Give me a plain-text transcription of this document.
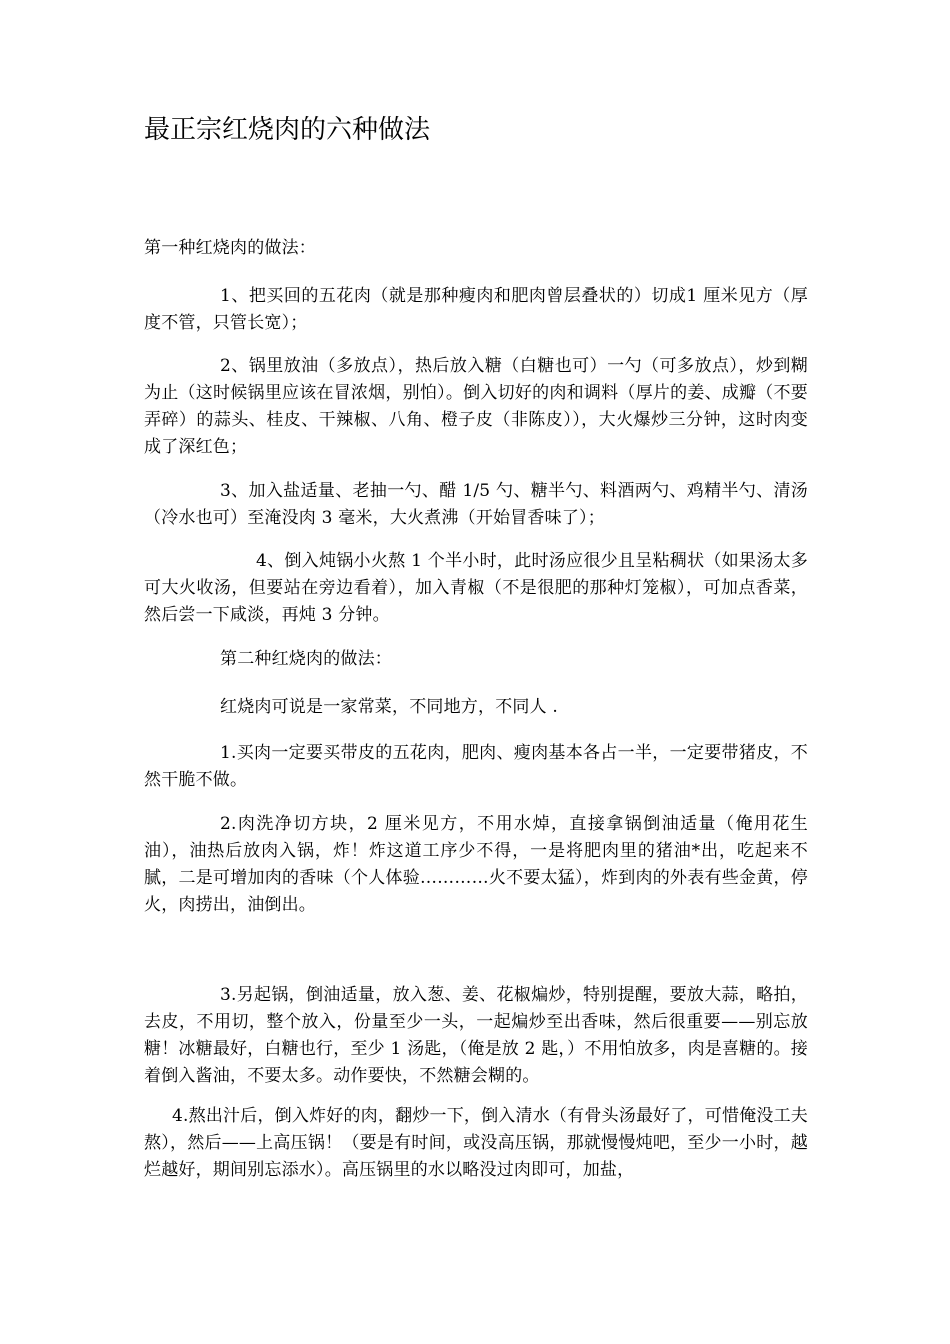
最正宗红烧肉的六种做法

第一种红烧肉的做法：

1、把买回的五花肉（就是那种瘦肉和肥肉曾层叠状的）切成1 厘米见方（厚度不管，只管长宽）；

2、锅里放油（多放点），热后放入糖（白糖也可）一勺（可多放点），炒到糊为止（这时候锅里应该在冒浓烟，别怕）。倒入切好的肉和调料（厚片的姜、成瓣（不要弄碎）的蒜头、桂皮、干辣椒、八角、橙子皮（非陈皮）），大火爆炒三分钟，这时肉变成了深红色；

3、加入盐适量、老抽一勺、醋 1/5 勺、糖半勺、料酒两勺、鸡精半勺、清汤（冷水也可）至淹没肉 3 毫米，大火煮沸（开始冒香味了）；

4、倒入炖锅小火熬 1 个半小时，此时汤应很少且呈粘稠状（如果汤太多可大火收汤，但要站在旁边看着），加入青椒（不是很肥的那种灯笼椒），可加点香菜，然后尝一下咸淡，再炖 3 分钟。

第二种红烧肉的做法：

红烧肉可说是一家常菜，不同地方，不同人 .

1.买肉一定要买带皮的五花肉，肥肉、瘦肉基本各占一半，一定要带猪皮，不然干脆不做。

2.肉洗净切方块，2 厘米见方，不用水焯，直接拿锅倒油适量（俺用花生油），油热后放肉入锅，炸！炸这道工序少不得，一是将肥肉里的猪油*出，吃起来不腻，二是可增加肉的香味（个人体验…………火不要太猛），炸到肉的外表有些金黄，停火，肉捞出，油倒出。

3.另起锅，倒油适量，放入葱、姜、花椒煸炒，特别提醒，要放大蒜，略拍，去皮，不用切，整个放入，份量至少一头，一起煸炒至出香味，然后很重要——别忘放糖！冰糖最好，白糖也行，至少 1 汤匙，（俺是放 2 匙，）不用怕放多，肉是喜糖的。接着倒入酱油，不要太多。动作要快，不然糖会糊的。

4.熬出汁后，倒入炸好的肉，翻炒一下，倒入清水（有骨头汤最好了，可惜俺没工夫熬），然后——上高压锅！（要是有时间，或没高压锅，那就慢慢炖吧，至少一小时，越烂越好，期间别忘添水）。高压锅里的水以略没过肉即可，加盐，
